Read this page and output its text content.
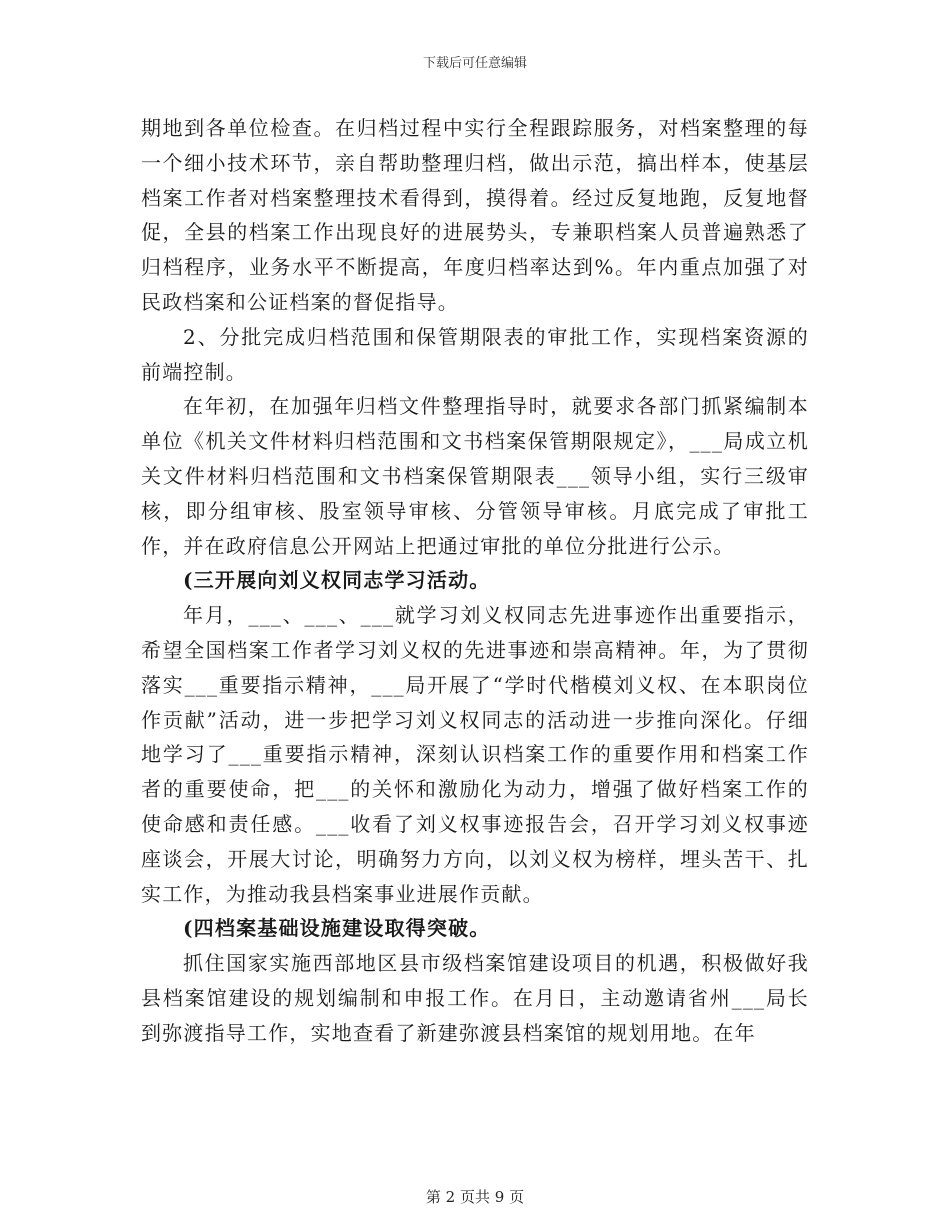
下载后可任意编辑

期地到各单位检查。在归档过程中实行全程跟踪服务，对档案整理的每一个细小技术环节，亲自帮助整理归档，做出示范，搞出样本，使基层档案工作者对档案整理技术看得到，摸得着。经过反复地跑，反复地督促，全县的档案工作出现良好的进展势头，专兼职档案人员普遍熟悉了归档程序，业务水平不断提高，年度归档率达到%。年内重点加强了对民政档案和公证档案的督促指导。

2、分批完成归档范围和保管期限表的审批工作，实现档案资源的前端控制。

在年初，在加强年归档文件整理指导时，就要求各部门抓紧编制本单位《机关文件材料归档范围和文书档案保管期限规定》，___局成立机关文件材料归档范围和文书档案保管期限表___领导小组，实行三级审核，即分组审核、股室领导审核、分管领导审核。月底完成了审批工作，并在政府信息公开网站上把通过审批的单位分批进行公示。

(三开展向刘义权同志学习活动。

年月，___、___、___就学习刘义权同志先进事迹作出重要指示，希望全国档案工作者学习刘义权的先进事迹和崇高精神。年，为了贯彻落实___重要指示精神，___局开展了“学时代楷模刘义权、在本职岗位作贡献”活动，进一步把学习刘义权同志的活动进一步推向深化。仔细地学习了___重要指示精神，深刻认识档案工作的重要作用和档案工作者的重要使命，把___的关怀和激励化为动力，增强了做好档案工作的使命感和责任感。___收看了刘义权事迹报告会，召开学习刘义权事迹座谈会，开展大讨论，明确努力方向，以刘义权为榜样，埋头苦干、扎实工作，为推动我县档案事业进展作贡献。

(四档案基础设施建设取得突破。

抓住国家实施西部地区县市级档案馆建设项目的机遇，积极做好我县档案馆建设的规划编制和申报工作。在月日，主动邀请省州___局长到弥渡指导工作，实地查看了新建弥渡县档案馆的规划用地。在年

第 2 页共 9 页
